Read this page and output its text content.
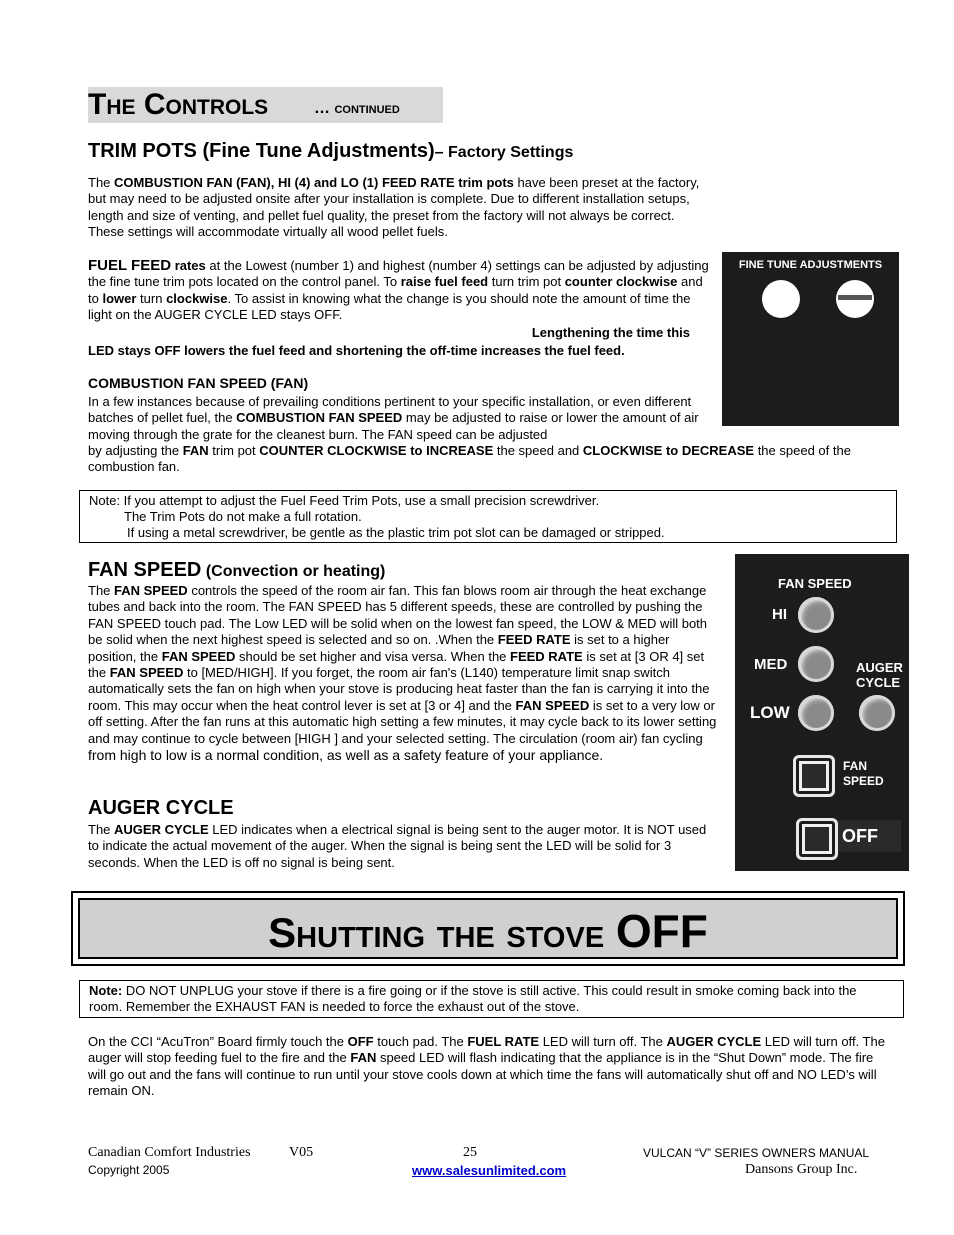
The Controls	… continued
TRIM POTS (Fine Tune Adjustments)– Factory Settings

The COMBUSTION FAN (FAN), HI (4) and LO (1) FEED RATE trim pots have been preset at the factory, but may need to be adjusted onsite after your installation is complete. Due to different installation setups, length and size of venting, and pellet fuel quality, the preset from the factory will not always be correct. These settings will accommodate virtually all wood pellet fuels.

FUEL FEED rates at the Lowest (number 1) and highest (number 4) settings can be adjusted by adjusting the fine tune trim pots located on the control panel. To raise fuel feed turn trim pot counter clockwise and to lower turn clockwise. To assist in knowing what the change is you should note the amount of time the light on the AUGER CYCLE LED stays OFF.

Lengthening the time this

LED stays OFF lowers the fuel feed and shortening the off-time increases the fuel feed.

COMBUSTION FAN SPEED (FAN)

In a few instances because of prevailing conditions pertinent to your specific installation, or even different batches of pellet fuel, the COMBUSTION FAN SPEED may be adjusted to raise or lower the amount of air moving through the grate for the cleanest burn. The FAN speed can be adjusted

by adjusting the FAN trim pot COUNTER CLOCKWISE to INCREASE the speed and CLOCKWISE to DECREASE the speed of the combustion fan.

FINE TUNE ADJUSTMENTS

Note: If you attempt to adjust the Fuel Feed Trim Pots, use a small precision screwdriver.

The Trim Pots do not make a full rotation.

If using a metal screwdriver, be gentle as the plastic trim pot slot can be damaged or stripped.

FAN SPEED (Convection or heating)

The FAN SPEED controls the speed of the room air fan. This fan blows room air through the heat exchange tubes and back into the room. The FAN SPEED has 5 different speeds, these are controlled by pushing the FAN SPEED touch pad. The Low LED will be solid when on the lowest fan speed, the LOW & MED will both be solid when the next highest speed is selected and so on. .When the FEED RATE is set to a higher position, the FAN SPEED should be set higher and visa versa. When the FEED RATE is set at [3 OR 4] set the FAN SPEED to [MED/HIGH]. If you forget, the room air fan's (L140) temperature limit snap switch automatically sets the fan on high when your stove is producing heat faster than the fan is carrying it into the room. This may occur when the heat control lever is set at [3 or 4] and the FAN SPEED is set to a very low or off setting. After the fan runs at this automatic high setting a few minutes, it may cycle back to its lower setting and may continue to cycle between [HIGH ] and your selected setting. The circulation (room air) fan cycling from high to low is a normal condition, as well as a safety feature of your appliance.

AUGER CYCLE

The AUGER CYCLE LED indicates when a electrical signal is being sent to the auger motor. It is NOT used to indicate the actual movement of the auger. When the signal is being sent the LED will be solid for 3 seconds. When the LED is off no signal is being sent.

FAN SPEED
HI
MED	AUGER
CYCLE
LOW
FAN
SPEED
OFF
Shutting the stove OFF

Note: DO NOT UNPLUG your stove if there is a fire going or if the stove is still active. This could result in smoke coming back into the room. Remember the EXHAUST FAN is needed to force the exhaust out of the stove.

On the CCI “AcuTron” Board firmly touch the OFF touch pad. The FUEL RATE LED will turn off. The AUGER CYCLE LED will turn off. The auger will stop feeding fuel to the fire and the FAN speed LED will flash indicating that the appliance is in the “Shut Down” mode. The fire will go out and the fans will continue to run until your stove cools down at which time the fans will automatically shut off and NO LED’s will remain ON.

Canadian Comfort Industries	V05
Copyright 2005
25
www.salesunlimited.com
VULCAN “V” SERIES OWNERS MANUAL
Dansons Group Inc.
